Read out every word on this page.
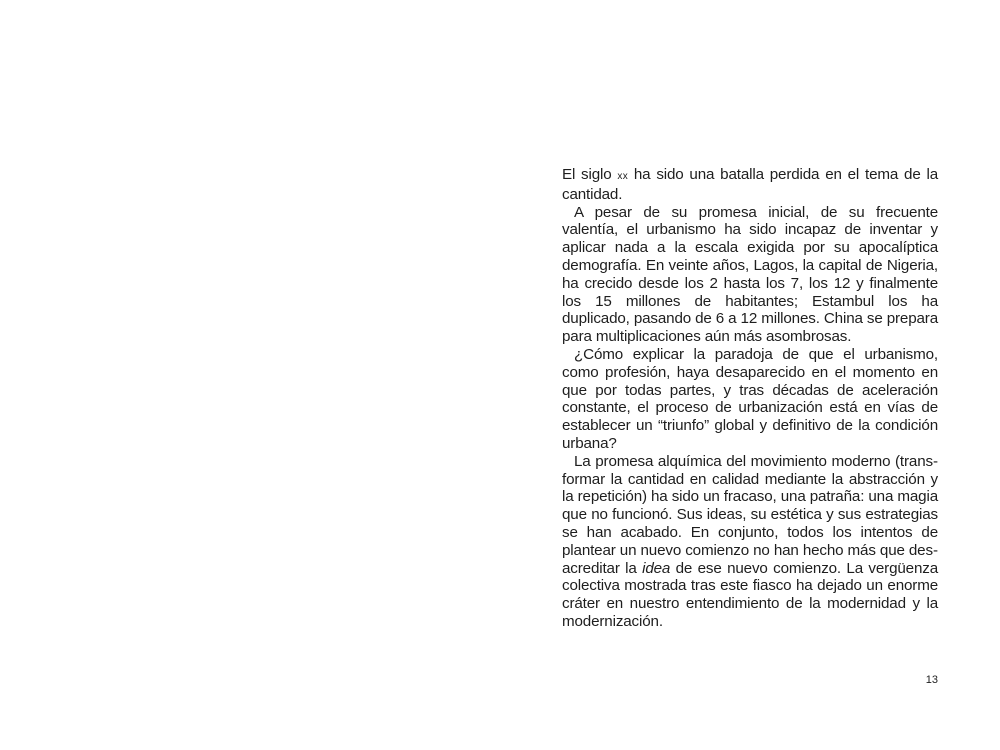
El siglo xx ha sido una batalla perdida en el tema de la cantidad.

A pesar de su promesa inicial, de su frecuente valentía, el urbanismo ha sido incapaz de inventar y aplicar nada a la escala exigida por su apocalíptica demografía. En veinte años, Lagos, la capital de Nigeria, ha crecido desde los 2 hasta los 7, los 12 y finalmente los 15 millones de habitantes; Estambul los ha duplicado, pasando de 6 a 12 millones. China se prepara para multiplicaciones aún más asombrosas.

¿Cómo explicar la paradoja de que el urbanismo, como profesión, haya desaparecido en el momento en que por todas partes, y tras décadas de aceleración constante, el proceso de urbanización está en vías de establecer un “triunfo” global y definitivo de la condición urbana?

La promesa alquímica del movimiento moderno (transformar la cantidad en calidad mediante la abstracción y la repetición) ha sido un fracaso, una patraña: una magia que no funcionó. Sus ideas, su estética y sus estrategias se han acabado. En conjunto, todos los intentos de plantear un nuevo comienzo no han hecho más que desacreditar la idea de ese nuevo comienzo. La vergüenza colectiva mostrada tras este fiasco ha dejado un enorme cráter en nuestro entendimiento de la modernidad y la modernización.

13
